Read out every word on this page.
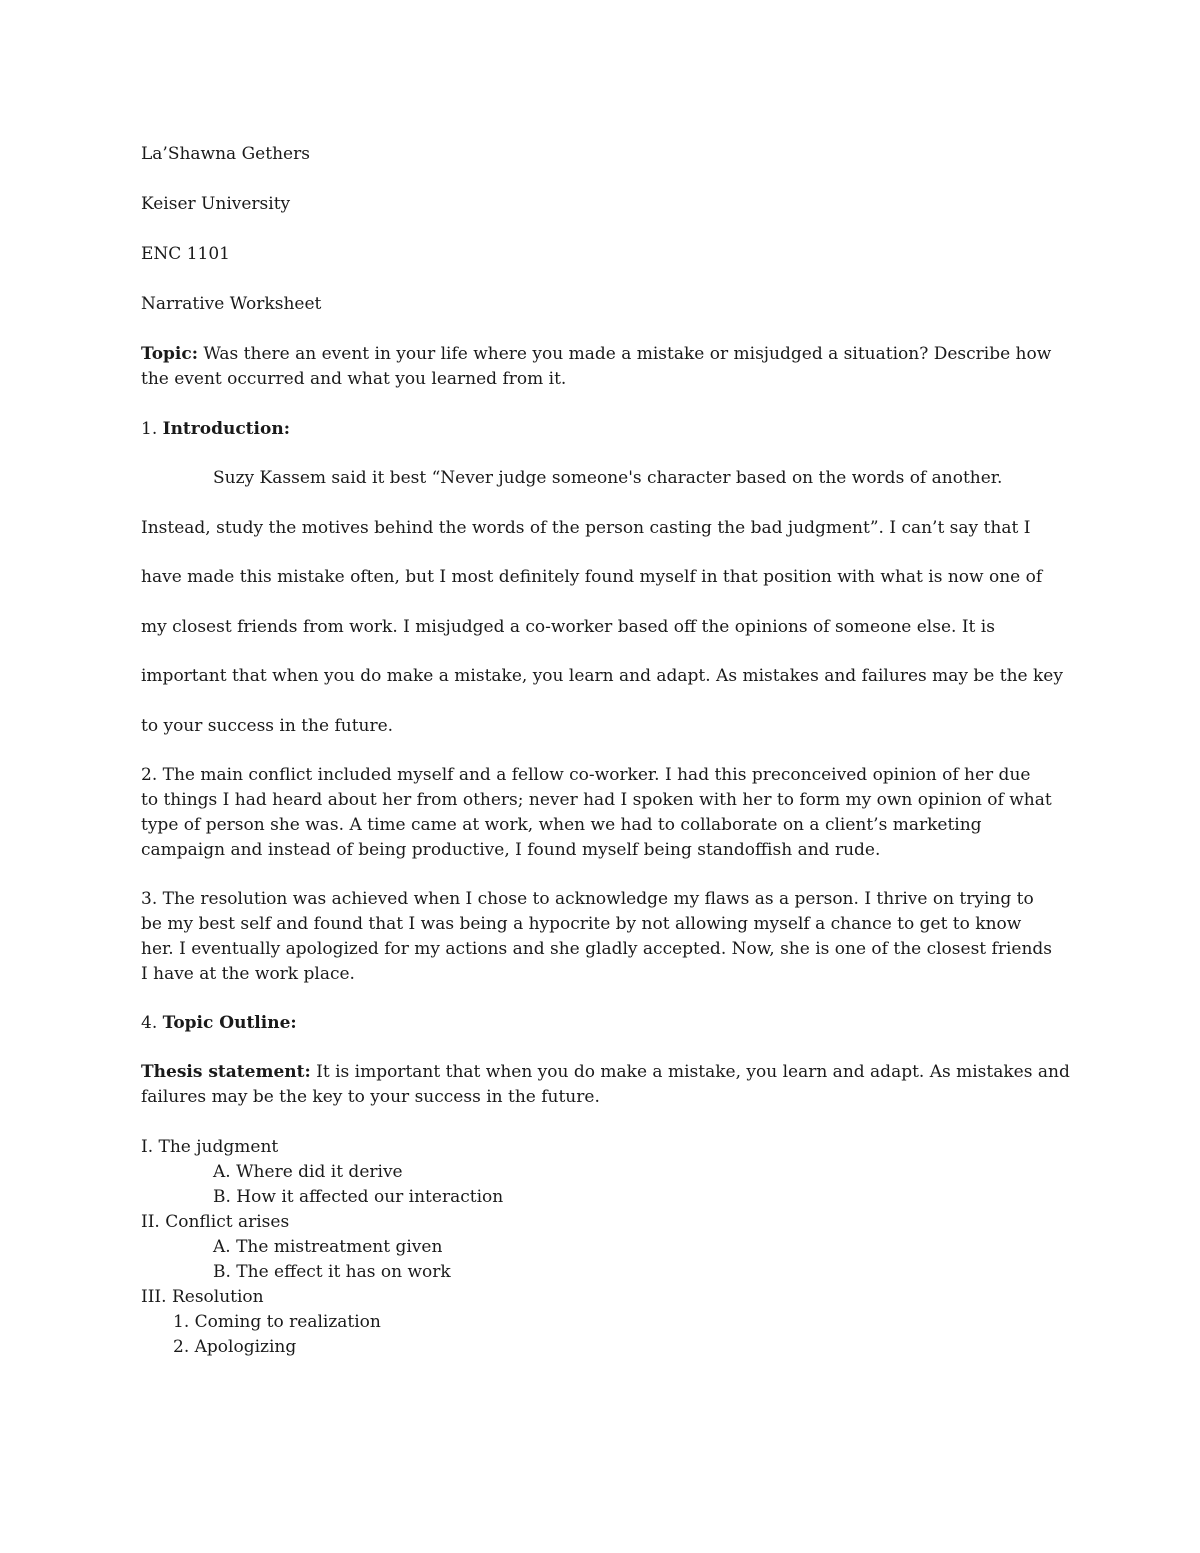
La’Shawna Gethers

Keiser University

ENC 1101

Narrative Worksheet

Topic: Was there an event in your life where you made a mistake or misjudged a situation? Describe how

the event occurred and what you learned from it.

1. Introduction:

Suzy Kassem said it best “Never judge someone's character based on the words of another.

Instead, study the motives behind the words of the person casting the bad judgment”. I can’t say that I

have made this mistake often, but I most definitely found myself in that position with what is now one of

my closest friends from work. I misjudged a co-worker based off the opinions of someone else. It is

important that when you do make a mistake, you learn and adapt. As mistakes and failures may be the key

to your success in the future.

2. The main conflict included myself and a fellow co-worker. I had this preconceived opinion of her due

to things I had heard about her from others; never had I spoken with her to form my own opinion of what

type of person she was. A time came at work, when we had to collaborate on a client’s marketing

campaign and instead of being productive, I found myself being standoffish and rude.

3. The resolution was achieved when I chose to acknowledge my flaws as a person. I thrive on trying to

be my best self and found that I was being a hypocrite by not allowing myself a chance to get to know

her. I eventually apologized for my actions and she gladly accepted. Now, she is one of the closest friends

I have at the work place.

4. Topic Outline:

Thesis statement: It is important that when you do make a mistake, you learn and adapt. As mistakes and

failures may be the key to your success in the future.

I. The judgment

A. Where did it derive

B. How it affected our interaction

II. Conflict arises

A. The mistreatment given

B. The effect it has on work

III. Resolution

1. Coming to realization

2. Apologizing
